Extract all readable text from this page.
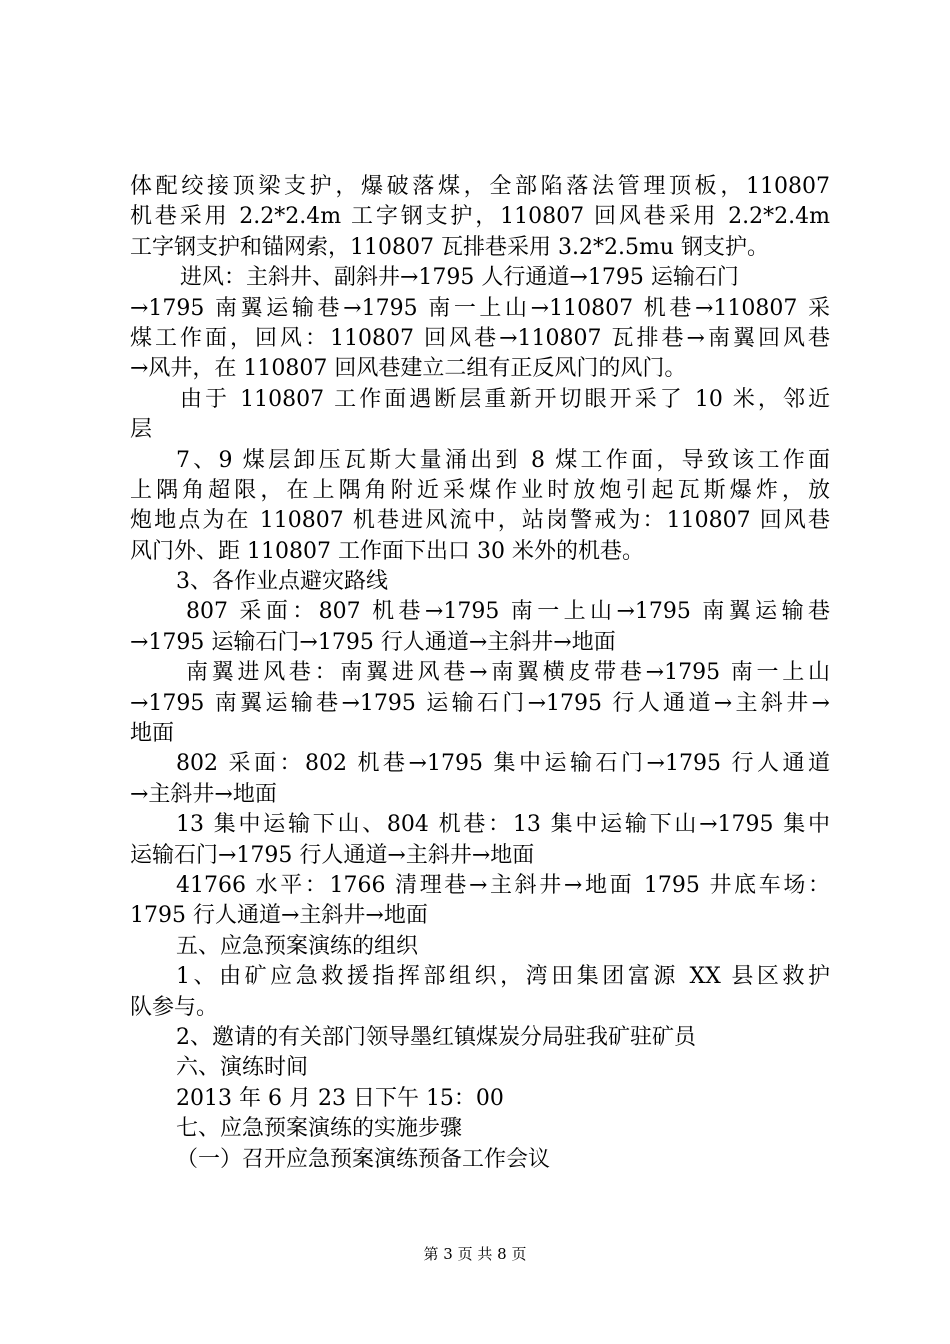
体配绞接顶梁支护，爆破落煤，全部陷落法管理顶板，110807
机巷采用 2.2*2.4m 工字钢支护，110807 回风巷采用 2.2*2.4m
工字钢支护和锚网索，110807 瓦排巷采用 3.2*2.5mu 钢支护。
进风：主斜井、副斜井→1795 人行通道→1795 运输石门
→1795 南翼运输巷→1795 南一上山→110807 机巷→110807 采
煤工作面，回风：110807 回风巷→110807 瓦排巷→南翼回风巷
→风井，在 110807 回风巷建立二组有正反风门的风门。
由于 110807 工作面遇断层重新开切眼开采了 10 米，邻近
层
7、9 煤层卸压瓦斯大量涌出到 8 煤工作面，导致该工作面
上隅角超限，在上隅角附近采煤作业时放炮引起瓦斯爆炸，放
炮地点为在 110807 机巷进风流中，站岗警戒为：110807 回风巷
风门外、距 110807 工作面下出口 30 米外的机巷。
3、各作业点避灾路线
807 采面：807 机巷→1795 南一上山→1795 南翼运输巷
→1795 运输石门→1795 行人通道→主斜井→地面
南翼进风巷：南翼进风巷→南翼横皮带巷→1795 南一上山
→1795 南翼运输巷→1795 运输石门→1795 行人通道→主斜井→
地面
802 采面：802 机巷→1795 集中运输石门→1795 行人通道
→主斜井→地面
13 集中运输下山、804 机巷：13 集中运输下山→1795 集中
运输石门→1795 行人通道→主斜井→地面
41766 水平：1766 清理巷→主斜井→地面 1795 井底车场：
1795 行人通道→主斜井→地面
五、应急预案演练的组织
1、由矿应急救援指挥部组织，湾田集团富源 XX 县区救护
队参与。
2、邀请的有关部门领导墨红镇煤炭分局驻我矿驻矿员
六、演练时间
2013 年 6 月 23 日下午 15：00
七、应急预案演练的实施步骤
（一）召开应急预案演练预备工作会议
第 3 页 共 8 页
